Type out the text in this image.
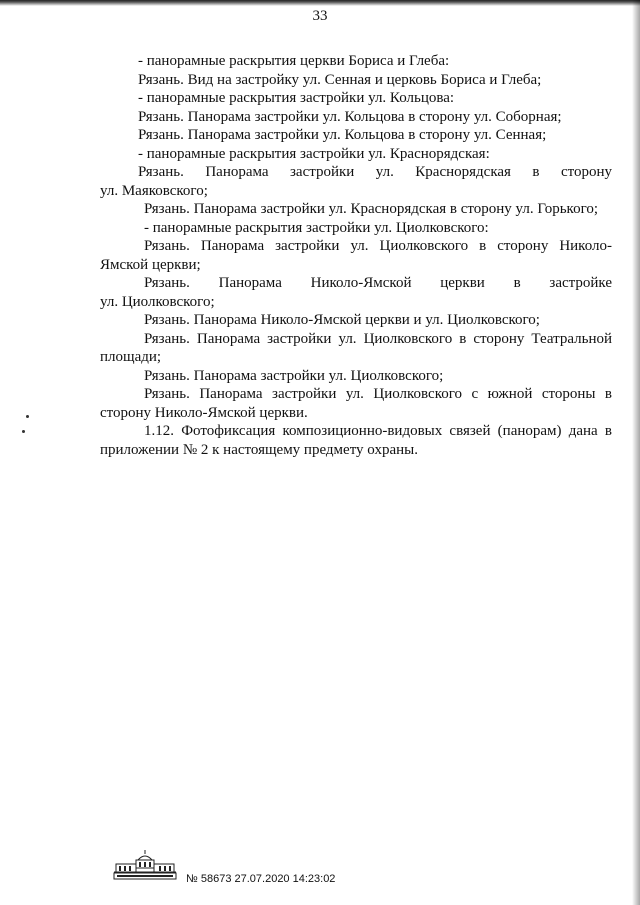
33
- панорамные раскрытия церкви Бориса и Глеба:
Рязань. Вид на застройку ул. Сенная и церковь Бориса и Глеба;
- панорамные раскрытия застройки ул. Кольцова:
Рязань. Панорама застройки ул. Кольцова в сторону ул. Соборная;
Рязань. Панорама застройки ул. Кольцова в сторону ул. Сенная;
- панорамные раскрытия застройки ул. Краснорядская:
Рязань. Панорама застройки ул. Краснорядская в сторону
ул. Маяковского;
Рязань. Панорама застройки ул. Краснорядская в сторону ул. Горького;
- панорамные раскрытия застройки ул. Циолковского:
Рязань. Панорама застройки ул. Циолковского в сторону Николо-
Ямской церкви;
Рязань. Панорама Николо-Ямской церкви в застройке
ул. Циолковского;
Рязань. Панорама Николо-Ямской церкви и ул. Циолковского;
Рязань. Панорама застройки ул. Циолковского в сторону Театральной
площади;
Рязань. Панорама застройки ул. Циолковского;
Рязань. Панорама застройки ул. Циолковского с южной стороны в
сторону Николо-Ямской церкви.
1.12. Фотофиксация композиционно-видовых связей (панорам) дана в
приложении № 2 к настоящему предмету охраны.
№ 58673 27.07.2020 14:23:02
